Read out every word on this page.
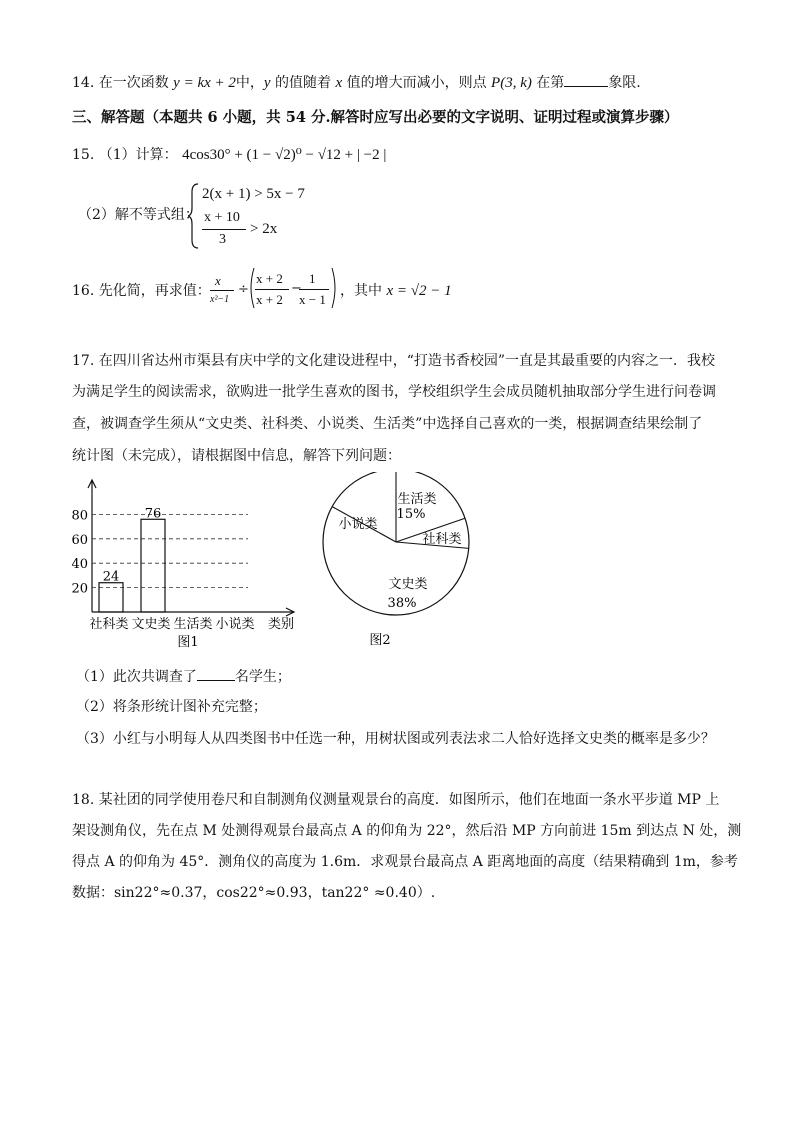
14. 在一次函数 y = kx + 2中，y 的值随着 x 值的增大而减小，则点 P(3, k) 在第	象限.
三、解答题（本题共 6 小题，共 54 分.解答时应写出必要的文字说明、证明过程或演算步骤）
15. （1）计算： 4cos30° + (1 − √2)⁰ − √12 + | −2 |
（2）解不等式组：
2(x + 1) > 5x − 7
x + 10
3
> 2x
16. 先化简，再求值：
x
x²−1
÷
x + 2
x + 2
−
1
x − 1
，其中 x = √2 − 1
17. 在四川省达州市渠县有庆中学的文化建设进程中，“打造书香校园”一直是其最重要的内容之一．我校
为满足学生的阅读需求，欲购进一批学生喜欢的图书，学校组织学生会成员随机抽取部分学生进行问卷调
查，被调查学生须从“文史类、社科类、小说类、生活类”中选择自己喜欢的一类，根据调查结果绘制了
统计图（未完成），请根据图中信息，解答下列问题：
20
40
60
80
社科类
24
文史类
76
生活类 小说类 类别
图1
生活类
15%
社科类
文史类
38%
小说类
图2
（1）此次共调查了	名学生；
（2）将条形统计图补充完整；
（3）小红与小明每人从四类图书中任选一种，用树状图或列表法求二人恰好选择文史类的概率是多少？
18. 某社团的同学使用卷尺和自制测角仪测量观景台的高度．如图所示，他们在地面一条水平步道 MP 上
架设测角仪，先在点 M 处测得观景台最高点 A 的仰角为 22°，然后沿 MP 方向前进 15m 到达点 N 处，测
得点 A 的仰角为 45°．测角仪的高度为 1.6m．求观景台最高点 A 距离地面的高度（结果精确到 1m，参考
数据：sin22°≈0.37，cos22°≈0.93，tan22° ≈0.40）.
